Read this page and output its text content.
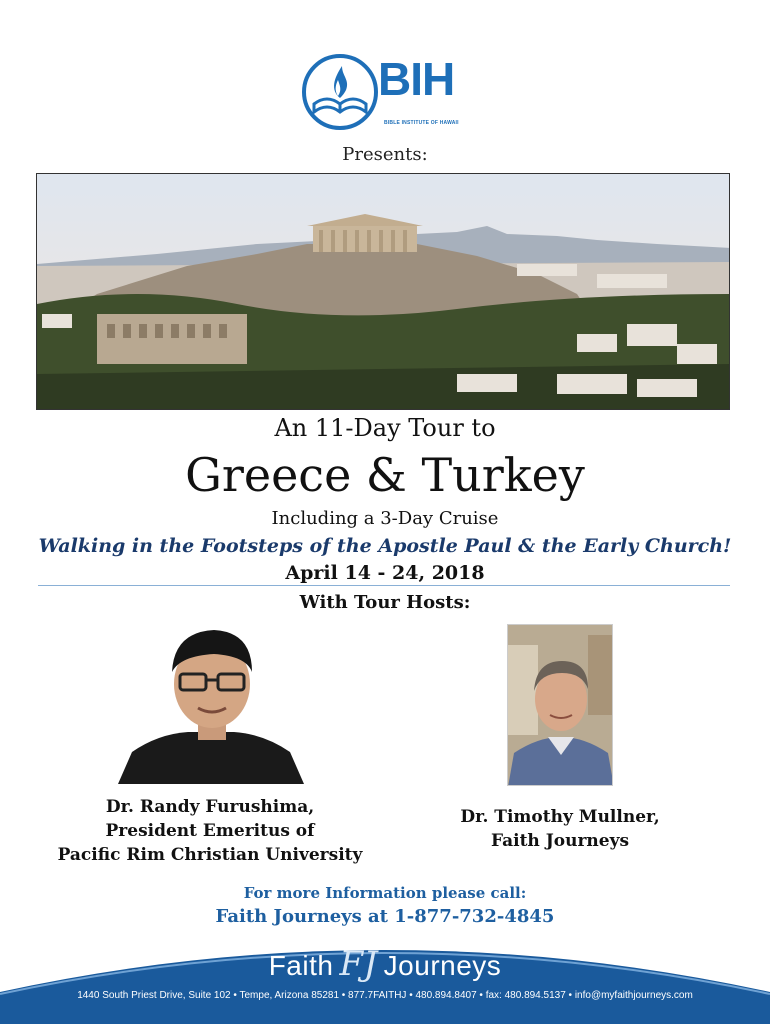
BIH
BIBLE INSTITUTE OF HAWAII
Presents:
An 11-Day Tour to
Greece & Turkey
Including a 3-Day Cruise
Walking in the Footsteps of the Apostle Paul & the Early Church!
April 14 - 24, 2018
With Tour Hosts:
Dr. Randy Furushima,
President Emeritus of
Pacific Rim Christian University
Dr. Timothy Mullner,
Faith Journeys
For more Information please call:
Faith Journeys at 1-877-732-4845
Faith FJ Journeys
1440 South Priest Drive, Suite 102 • Tempe, Arizona 85281 • 877.7FAITHJ • 480.894.8407 • fax: 480.894.5137 • info@myfaithjourneys.com
